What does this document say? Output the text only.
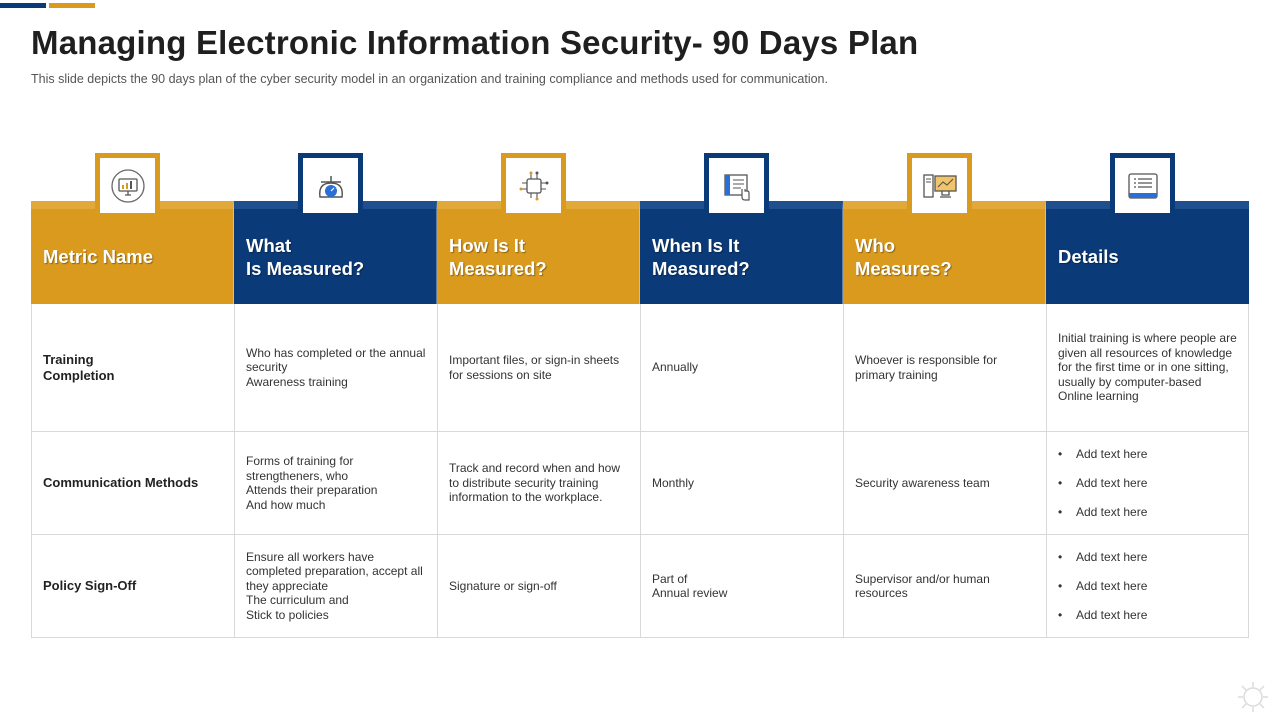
Managing Electronic Information Security- 90 Days Plan
This slide depicts the 90 days plan of the cyber security model in an organization and training compliance and methods used for communication.
Metric Name
What
Is Measured?
How Is It
Measured?
When Is It
Measured?
Who
Measures?
Details
Training
Completion
Who has completed or the annual security
Awareness training
Important files, or sign-in sheets for sessions on site
Annually
Whoever is responsible for primary training
Initial training is where people are given all resources of knowledge for the first time or in one sitting, usually by computer-based
Online learning
Communication Methods
Forms of training for strengtheners, who
Attends their preparation
And how much
Track and record when and how to distribute security training information to the workplace.
Monthly	Security awareness team

• Add text here

• Add text here

• Add text here

Policy Sign-Off
Ensure all workers have completed preparation, accept all they appreciate
The curriculum and
Stick to policies
Signature or sign-off
Part of
Annual review
Supervisor and/or human resources

• Add text here

• Add text here

• Add text here
